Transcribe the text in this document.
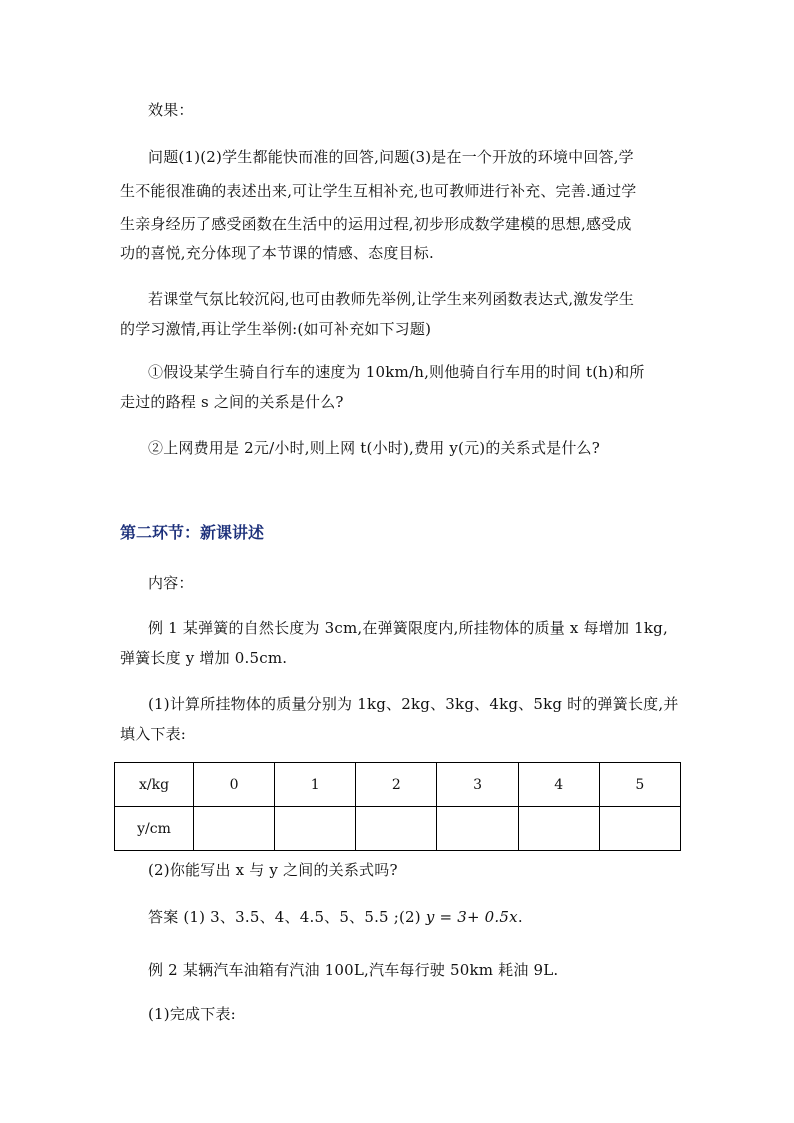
效果：
问题(1)(2)学生都能快而准的回答,问题(3)是在一个开放的环境中回答,学
生不能很准确的表述出来,可让学生互相补充,也可教师进行补充、完善.通过学
生亲身经历了感受函数在生活中的运用过程,初步形成数学建模的思想,感受成
功的喜悦,充分体现了本节课的情感、态度目标.
若课堂气氛比较沉闷,也可由教师先举例,让学生来列函数表达式,激发学生
的学习激情,再让学生举例:(如可补充如下习题)
①假设某学生骑自行车的速度为 10km/h,则他骑自行车用的时间 t(h)和所
走过的路程 s 之间的关系是什么?
②上网费用是 2元/小时,则上网 t(小时),费用 y(元)的关系式是什么?
第二环节：新课讲述
内容：
例 1 某弹簧的自然长度为 3cm,在弹簧限度内,所挂物体的质量 x 每增加 1kg,
弹簧长度 y 增加 0.5cm.
(1)计算所挂物体的质量分别为 1kg、2kg、3kg、4kg、5kg 时的弹簧长度,并
填入下表:
x/kg	0	1	2	3	4	5
y/cm						
(2)你能写出 x 与 y 之间的关系式吗?
答案 (1) 3、3.5、4、4.5、5、5.5 ;(2) y = 3+ 0.5x.
例 2 某辆汽车油箱有汽油 100L,汽车每行驶 50km 耗油 9L.
(1)完成下表:
